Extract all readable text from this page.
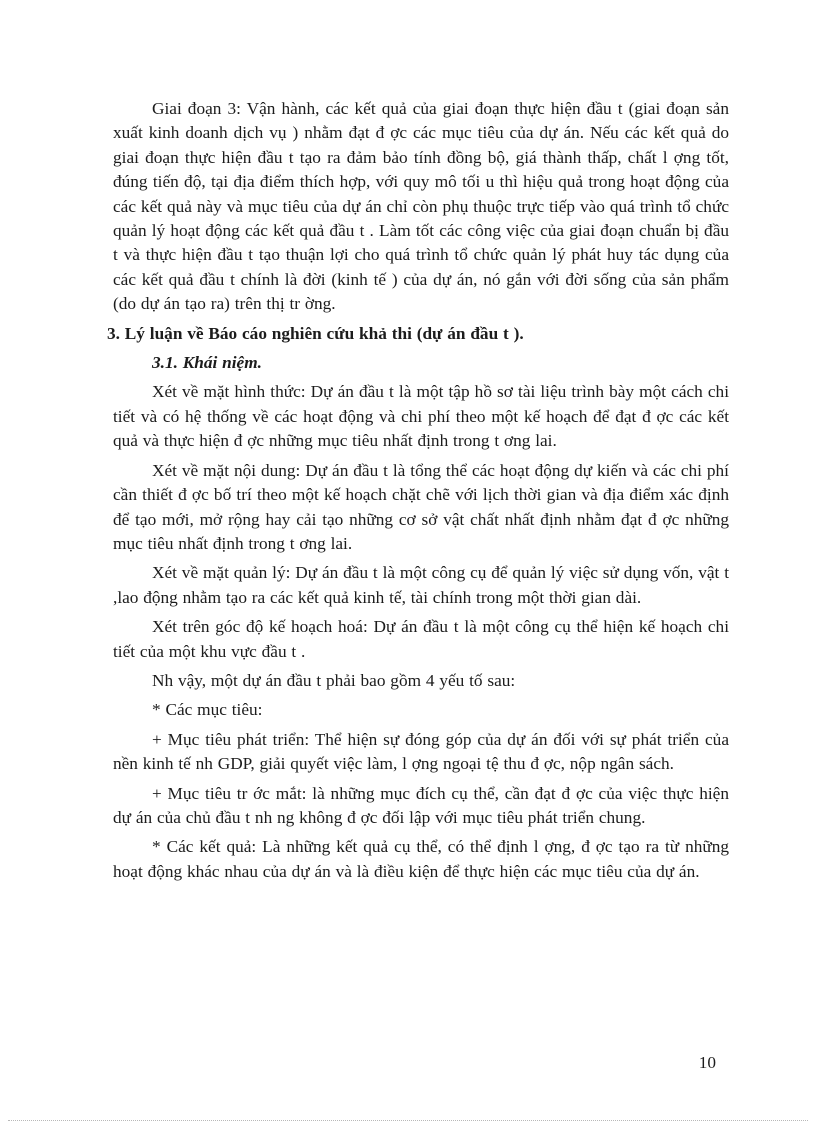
Giai đoạn 3: Vận hành, các kết quả của giai đoạn thực hiện đầu t (giai đoạn sản xuất kinh doanh dịch vụ ) nhằm đạt đ ợc các mục tiêu của dự án. Nếu các kết quả do giai đoạn thực hiện đầu t tạo ra đảm bảo tính đồng bộ, giá thành thấp, chất l ợng tốt, đúng tiến độ, tại địa điểm thích hợp, với quy mô tối u thì hiệu quả trong hoạt động của các kết quả này và mục tiêu của dự án chỉ còn phụ thuộc trực tiếp vào quá trình tổ chức quản lý hoạt động các kết quả đầu t . Làm tốt các công việc của giai đoạn chuẩn bị đầu t và thực hiện đầu t tạo thuận lợi cho quá trình tổ chức quản lý phát huy tác dụng của các kết quả đầu t chính là đời (kinh tế ) của dự án, nó gắn với đời sống của sản phẩm (do dự án tạo ra) trên thị tr ờng.

3. Lý luận về Báo cáo nghiên cứu khả thi (dự án đầu t ).

3.1. Khái niệm.

Xét về mặt hình thức: Dự án đầu t là một tập hồ sơ tài liệu trình bày một cách chi tiết và có hệ thống về các hoạt động và chi phí theo một kế hoạch để đạt đ ợc các kết quả và thực hiện đ ợc những mục tiêu nhất định trong t ơng lai.

Xét về mặt nội dung: Dự án đầu t là tổng thể các hoạt động dự kiến và các chi phí cần thiết đ ợc bố trí theo một kế hoạch chặt chẽ với lịch thời gian và địa điểm xác định để tạo mới, mở rộng hay cải tạo những cơ sở vật chất nhất định nhằm đạt đ ợc những mục tiêu nhất định trong t ơng lai.

Xét về mặt quản lý: Dự án đầu t là một công cụ để quản lý việc sử dụng vốn, vật t ,lao động nhằm tạo ra các kết quả kinh tế, tài chính trong một thời gian dài.

Xét trên góc độ kế hoạch hoá: Dự án đầu t là một công cụ thể hiện kế hoạch chi tiết của một khu vực đầu t .

Nh vậy, một dự án đầu t phải bao gồm 4 yếu tố sau:

* Các mục tiêu:

+ Mục tiêu phát triển: Thể hiện sự đóng góp của dự án đối với sự phát triển của nền kinh tế nh GDP, giải quyết việc làm, l ợng ngoại tệ thu đ ợc, nộp ngân sách.

+ Mục tiêu tr ớc mắt: là những mục đích cụ thể, cần đạt đ ợc của việc thực hiện dự án của chủ đầu t nh ng không đ ợc đối lập với mục tiêu phát triển chung.

* Các kết quả: Là những kết quả cụ thể, có thể định l ợng, đ ợc tạo ra từ những hoạt động khác nhau của dự án và là điều kiện để thực hiện các mục tiêu của dự án.

10
